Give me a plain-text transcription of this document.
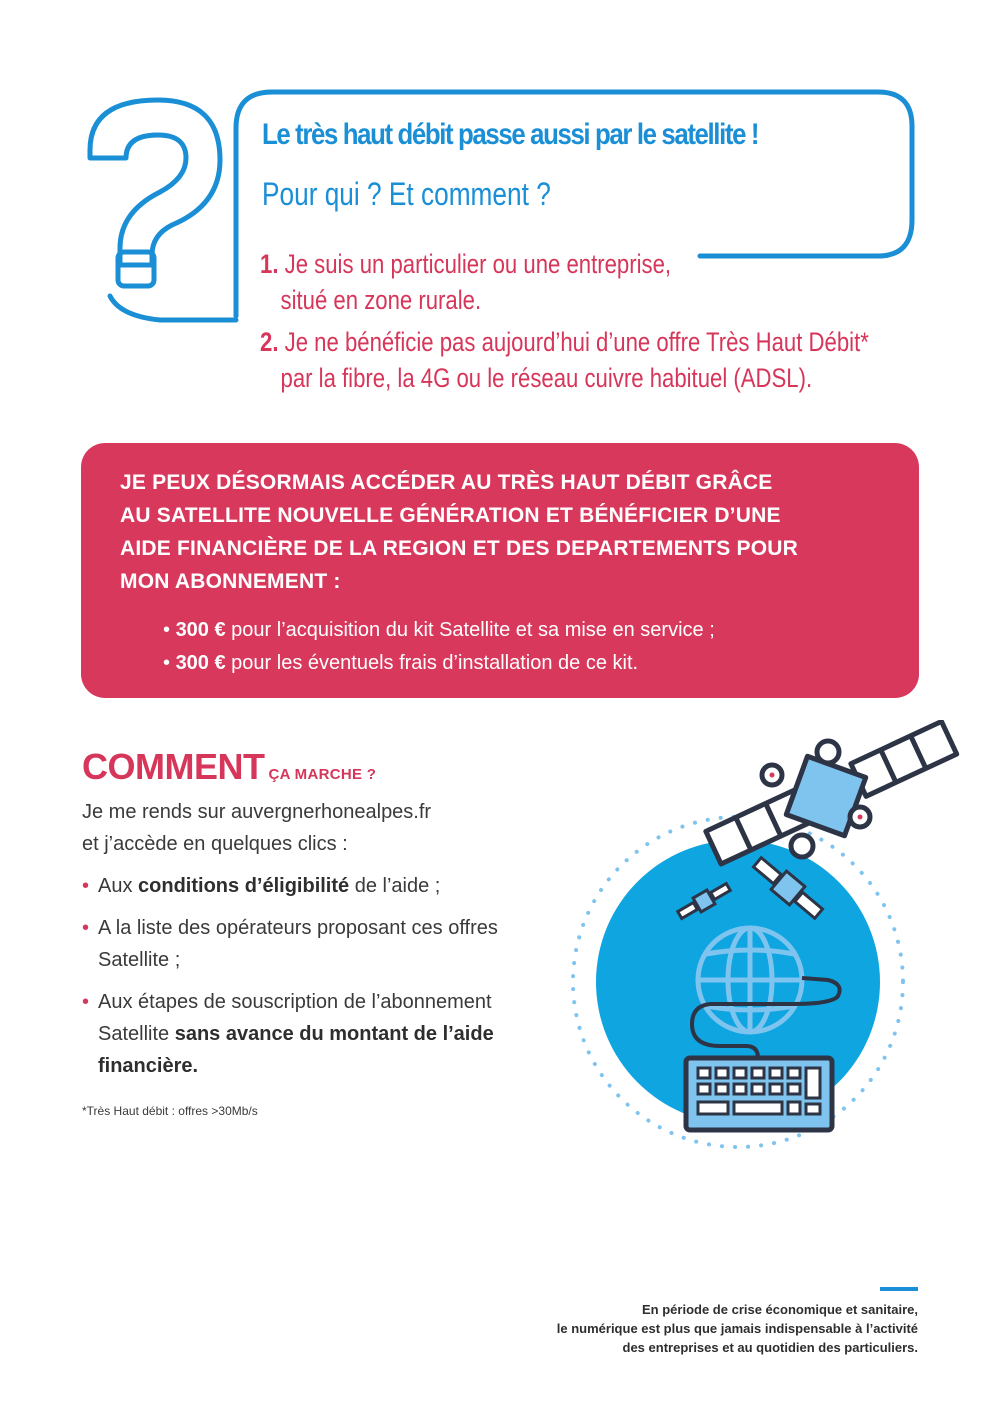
Le très haut débit passe aussi par le satellite !
Pour qui ? Et comment ?
1. Je suis un particulier ou une entreprise,
situé en zone rurale.
2. Je ne bénéficie pas aujourd’hui d’une offre Très Haut Débit*
par la fibre, la 4G ou le réseau cuivre habituel (ADSL).
JE PEUX DÉSORMAIS ACCÉDER AU TRÈS HAUT DÉBIT GRÂCE
AU SATELLITE NOUVELLE GÉNÉRATION ET BÉNÉFICIER D’UNE
AIDE FINANCIÈRE DE LA REGION ET DES DEPARTEMENTS POUR
MON ABONNEMENT :
• 300 € pour l’acquisition du kit Satellite et sa mise en service ;
• 300 € pour les éventuels frais d’installation de ce kit.
COMMENT ÇA MARCHE ?
Je me rends sur auvergnerhonealpes.fr
et j’accède en quelques clics :
• Aux conditions d’éligibilité de l’aide ;
• A la liste des opérateurs proposant ces offres Satellite ;
• Aux étapes de souscription de l’abonnement Satellite sans avance du montant de l’aide financière.
*Très Haut débit : offres >30Mb/s
En période de crise économique et sanitaire,
le numérique est plus que jamais indispensable à l’activité
des entreprises et au quotidien des particuliers.
